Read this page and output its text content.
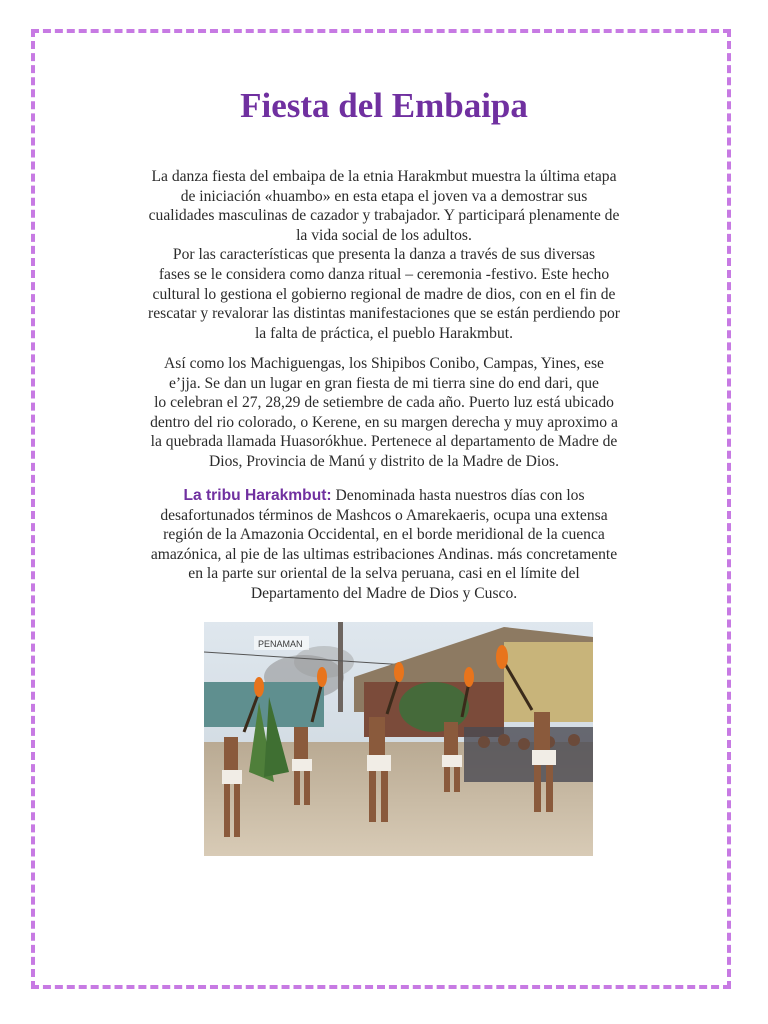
Fiesta del Embaipa

La danza fiesta del embaipa de la etnia Harakmbut muestra la última etapa

de iniciación «huambo» en esta etapa el joven va a demostrar sus

cualidades masculinas de cazador y trabajador. Y participará plenamente de

la vida social de los adultos.

Por las características que presenta la danza a través de sus diversas

fases se le considera como danza ritual – ceremonia -festivo. Este hecho

cultural lo gestiona el gobierno regional de madre de dios, con en el fin de

rescatar y revalorar las distintas manifestaciones que se están perdiendo por

la falta de práctica, el pueblo Harakmbut.

Así como los Machiguengas, los Shipibos Conibo, Campas, Yines, ese

e’jja. Se dan un lugar en gran fiesta de mi tierra sine do end dari, que

lo celebran el 27, 28,29 de setiembre de cada año. Puerto luz está ubicado

dentro del rio colorado, o Kerene, en su margen derecha y muy aproximo a

la quebrada llamada Huasorókhue. Pertenece al departamento de Madre de

Dios, Provincia de Manú y distrito de la Madre de Dios.

La tribu Harakmbut: Denominada hasta nuestros días con los

desafortunados términos de Mashcos o Amarekaeris, ocupa una extensa

región de la Amazonia Occidental, en el borde meridional de la cuenca

amazónica, al pie de las ultimas estribaciones Andinas. más concretamente

en la parte sur oriental de la selva peruana, casi en el límite del

Departamento del Madre de Dios y Cusco.

PENAMAN
